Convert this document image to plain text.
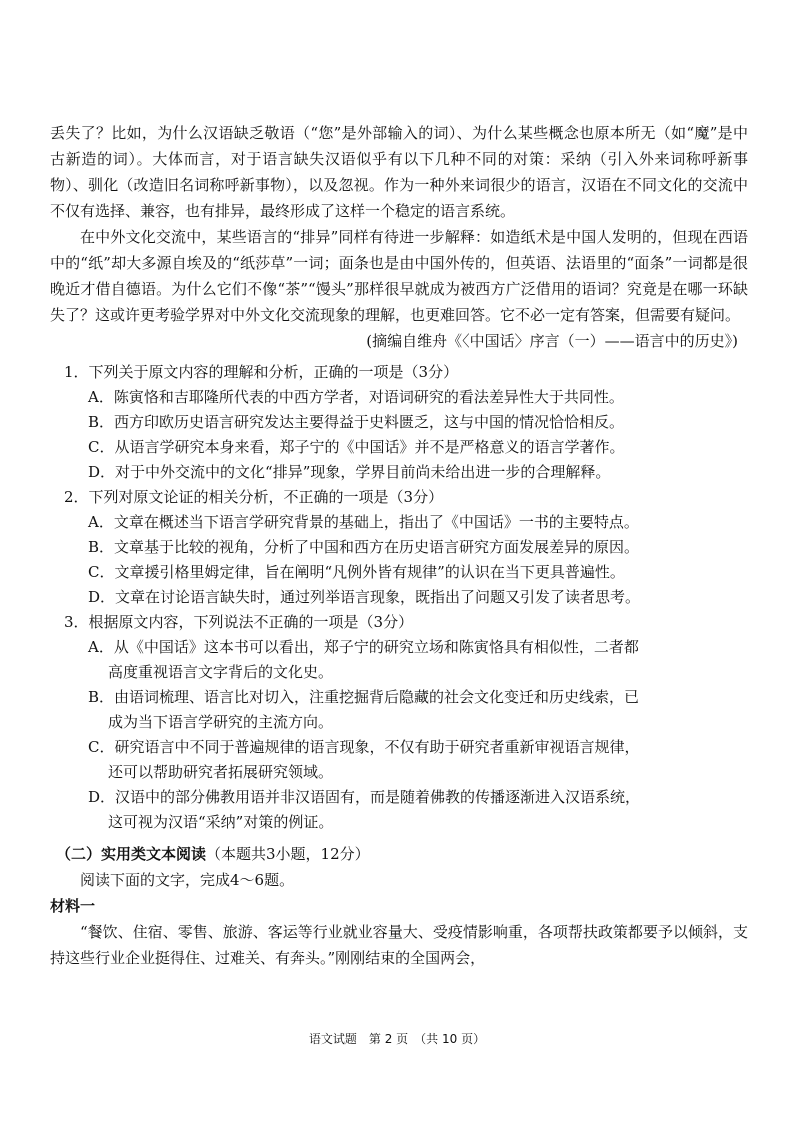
丢失了？比如，为什么汉语缺乏敬语（“您”是外部输入的词）、为什么某些概念也原本所无（如“魔”是中古新造的词）。大体而言，对于语言缺失汉语似乎有以下几种不同的对策：采纳（引入外来词称呼新事物）、驯化（改造旧名词称呼新事物），以及忽视。作为一种外来词很少的语言，汉语在不同文化的交流中不仅有选择、兼容，也有排异，最终形成了这样一个稳定的语言系统。

在中外文化交流中，某些语言的“排异”同样有待进一步解释：如造纸术是中国人发明的，但现在西语中的“纸”却大多源自埃及的“纸莎草”一词；面条也是由中国外传的，但英语、法语里的“面条”一词都是很晚近才借自德语。为什么它们不像“茶”“馒头”那样很早就成为被西方广泛借用的语词？究竟是在哪一环缺失了？这或许更考验学界对中外文化交流现象的理解，也更难回答。它不必一定有答案，但需要有疑问。

(摘编自维舟《〈中国话〉序言（一）——语言中的历史》)

1．下列关于原文内容的理解和分析，正确的一项是（3分）

A．陈寅恪和吉耶隆所代表的中西方学者，对语词研究的看法差异性大于共同性。

B．西方印欧历史语言研究发达主要得益于史料匮乏，这与中国的情况恰恰相反。

C．从语言学研究本身来看，郑子宁的《中国话》并不是严格意义的语言学著作。

D．对于中外交流中的文化“排异”现象，学界目前尚未给出进一步的合理解释。

2．下列对原文论证的相关分析，不正确的一项是（3分）

A．文章在概述当下语言学研究背景的基础上，指出了《中国话》一书的主要特点。

B．文章基于比较的视角，分析了中国和西方在历史语言研究方面发展差异的原因。

C．文章援引格里姆定律，旨在阐明“凡例外皆有规律”的认识在当下更具普遍性。

D．文章在讨论语言缺失时，通过列举语言现象，既指出了问题又引发了读者思考。

3．根据原文内容，下列说法不正确的一项是（3分）

A．从《中国话》这本书可以看出，郑子宁的研究立场和陈寅恪具有相似性，二者都

高度重视语言文字背后的文化史。

B．由语词梳理、语言比对切入，注重挖掘背后隐藏的社会文化变迁和历史线索，已

成为当下语言学研究的主流方向。

C．研究语言中不同于普遍规律的语言现象，不仅有助于研究者重新审视语言规律，

还可以帮助研究者拓展研究领域。

D．汉语中的部分佛教用语并非汉语固有，而是随着佛教的传播逐渐进入汉语系统，

这可视为汉语“采纳”对策的例证。

（二）实用类文本阅读（本题共3小题，12分）

阅读下面的文字，完成4～6题。

材料一

“餐饮、住宿、零售、旅游、客运等行业就业容量大、受疫情影响重，各项帮扶政策都要予以倾斜，支持这些行业企业挺得住、过难关、有奔头。”刚刚结束的全国两会，

语文试题　第 2 页　（共 10 页）
